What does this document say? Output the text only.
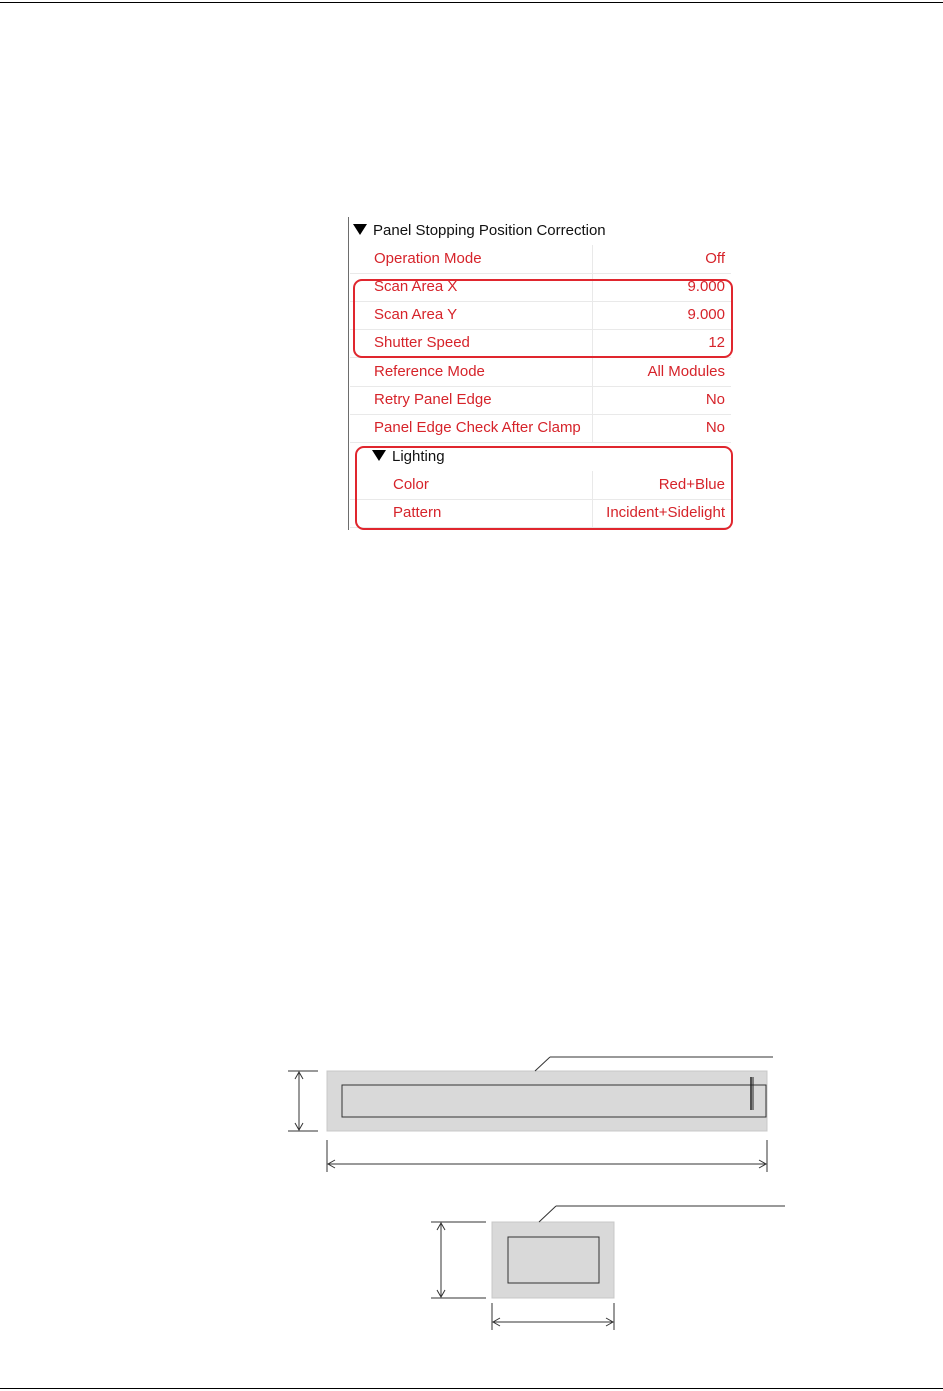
Panel Stopping Position Correction
Operation Mode	Off
Scan Area X	9.000
Scan Area Y	9.000
Shutter Speed	12
Reference Mode	All Modules
Retry Panel Edge	No
Panel Edge Check After Clamp	No
Lighting
Color	Red+Blue
Pattern	Incident+Sidelight
